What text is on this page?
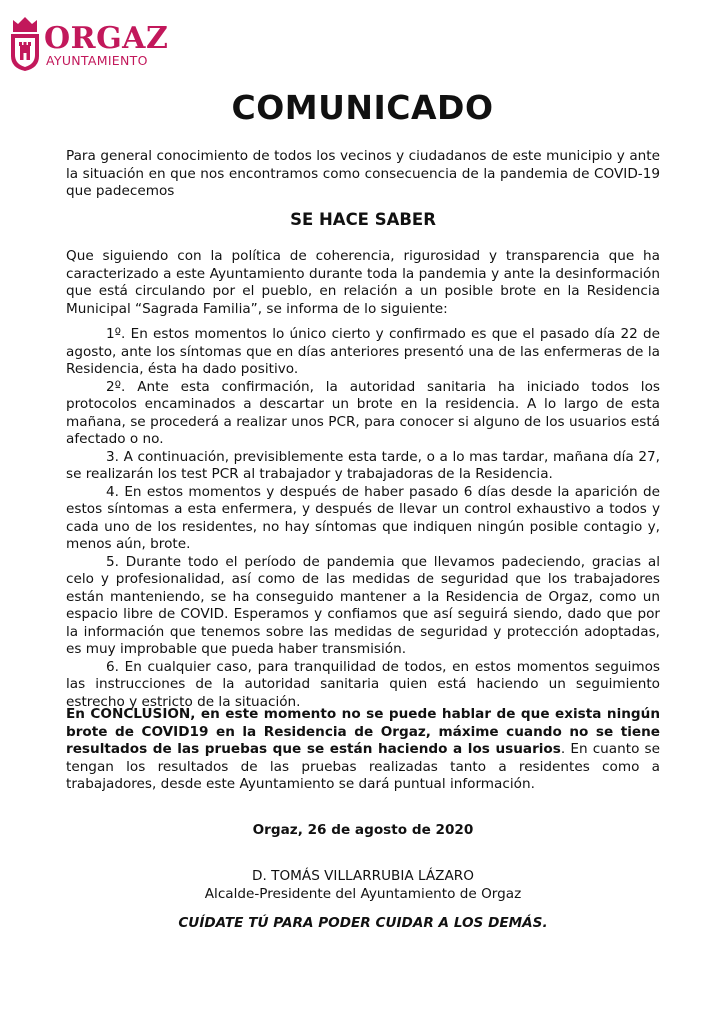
ORGAZ
AYUNTAMIENTO
COMUNICADO

Para general conocimiento de todos los vecinos y ciudadanos de este municipio y ante la situación en que nos encontramos como consecuencia de la pandemia de COVID-19 que padecemos

SE HACE SABER

Que siguiendo con la política de coherencia, rigurosidad y transparencia que ha caracterizado a este Ayuntamiento durante toda la pandemia y ante la desinformación que está circulando por el pueblo, en relación a un posible brote en la Residencia Municipal “Sagrada Familia”, se informa de lo siguiente:

1º. En estos momentos lo único cierto y confirmado es que el pasado día 22 de agosto, ante los síntomas que en días anteriores presentó una de las enfermeras de la Residencia, ésta ha dado positivo.

2º. Ante esta confirmación, la autoridad sanitaria ha iniciado todos los protocolos encaminados a descartar un brote en la residencia. A lo largo de esta mañana, se procederá a realizar unos PCR, para conocer si alguno de los usuarios está afectado o no.

3. A continuación, previsiblemente esta tarde, o a lo mas tardar, mañana día 27, se realizarán los test PCR al trabajador y trabajadoras de la Residencia.

4. En estos momentos y después de haber pasado 6 días desde la aparición de estos síntomas a esta enfermera, y después de llevar un control exhaustivo a todos y cada uno de los residentes, no hay síntomas que indiquen ningún posible contagio y, menos aún, brote.

5. Durante todo el período de pandemia que llevamos padeciendo, gracias al celo y profesionalidad, así como de las medidas de seguridad que los trabajadores están manteniendo, se ha conseguido mantener a la Residencia de Orgaz, como un espacio libre de COVID. Esperamos y confiamos que así seguirá siendo, dado que por la información que tenemos sobre las medidas de seguridad y protección adoptadas, es muy improbable que pueda haber transmisión.

6. En cualquier caso, para tranquilidad de todos, en estos momentos seguimos las instrucciones de la autoridad sanitaria quien está haciendo un seguimiento estrecho y estricto de la situación.

En CONCLUSION, en este momento no se puede hablar de que exista ningún brote de COVID19 en la Residencia de Orgaz, máxime cuando no se tiene resultados de las pruebas que se están haciendo a los usuarios. En cuanto se tengan los resultados de las pruebas realizadas tanto a residentes como a trabajadores, desde este Ayuntamiento se dará puntual información.

Orgaz, 26 de agosto de 2020

D. TOMÁS VILLARRUBIA LÁZARO

Alcalde-Presidente del Ayuntamiento de Orgaz

CUÍDATE TÚ PARA PODER CUIDAR A LOS DEMÁS.
